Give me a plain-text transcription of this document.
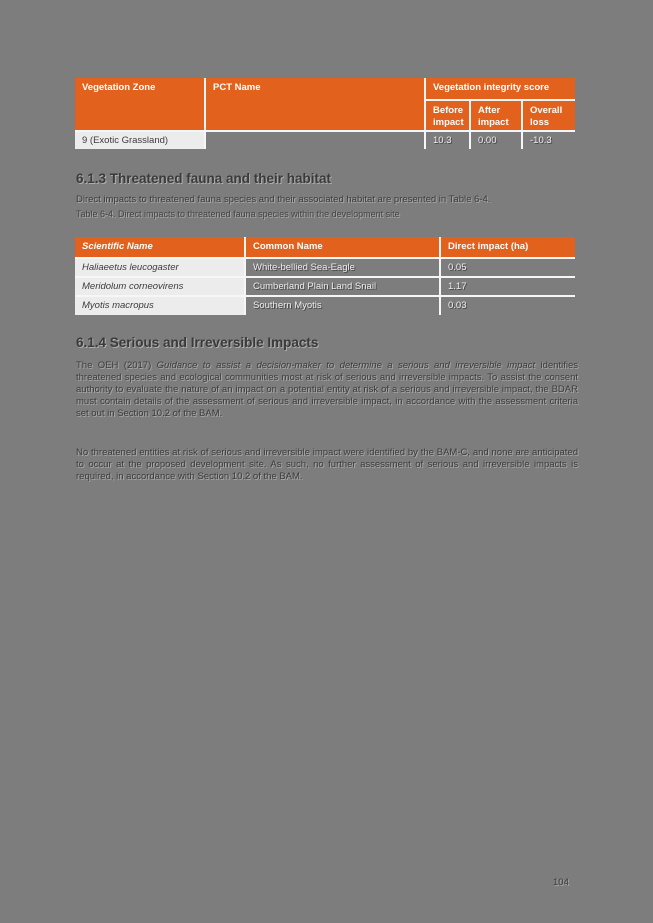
Vegetation Zone	PCT Name	Vegetation integrity score		
		Before impact	After impact	Overall loss
9 (Exotic Grassland)		10.3	0.00	-10.3
6.1.3 Threatened fauna and their habitat
Direct impacts to threatened fauna species and their associated habitat are presented in Table 6-4.
Table 6-4. Direct impacts to threatened fauna species within the development site
Scientific Name	Common Name	Direct impact (ha)
Haliaeetus leucogaster	White-bellied Sea-Eagle	0.05
Meridolum corneovirens	Cumberland Plain Land Snail	1.17
Myotis macropus	Southern Myotis	0.03
6.1.4 Serious and Irreversible Impacts
The OEH (2017) Guidance to assist a decision-maker to determine a serious and irreversible impact identifies threatened species and ecological communities most at risk of serious and irreversible impacts. To assist the consent authority to evaluate the nature of an impact on a potential entity at risk of a serious and irreversible impact, the BDAR must contain details of the assessment of serious and irreversible impact, in accordance with the assessment criteria set out in Section 10.2 of the BAM.
No threatened entities at risk of serious and irreversible impact were identified by the BAM-C, and none are anticipated to occur at the proposed development site. As such, no further assessment of serious and irreversible impacts is required, in accordance with Section 10.2 of the BAM.
104
